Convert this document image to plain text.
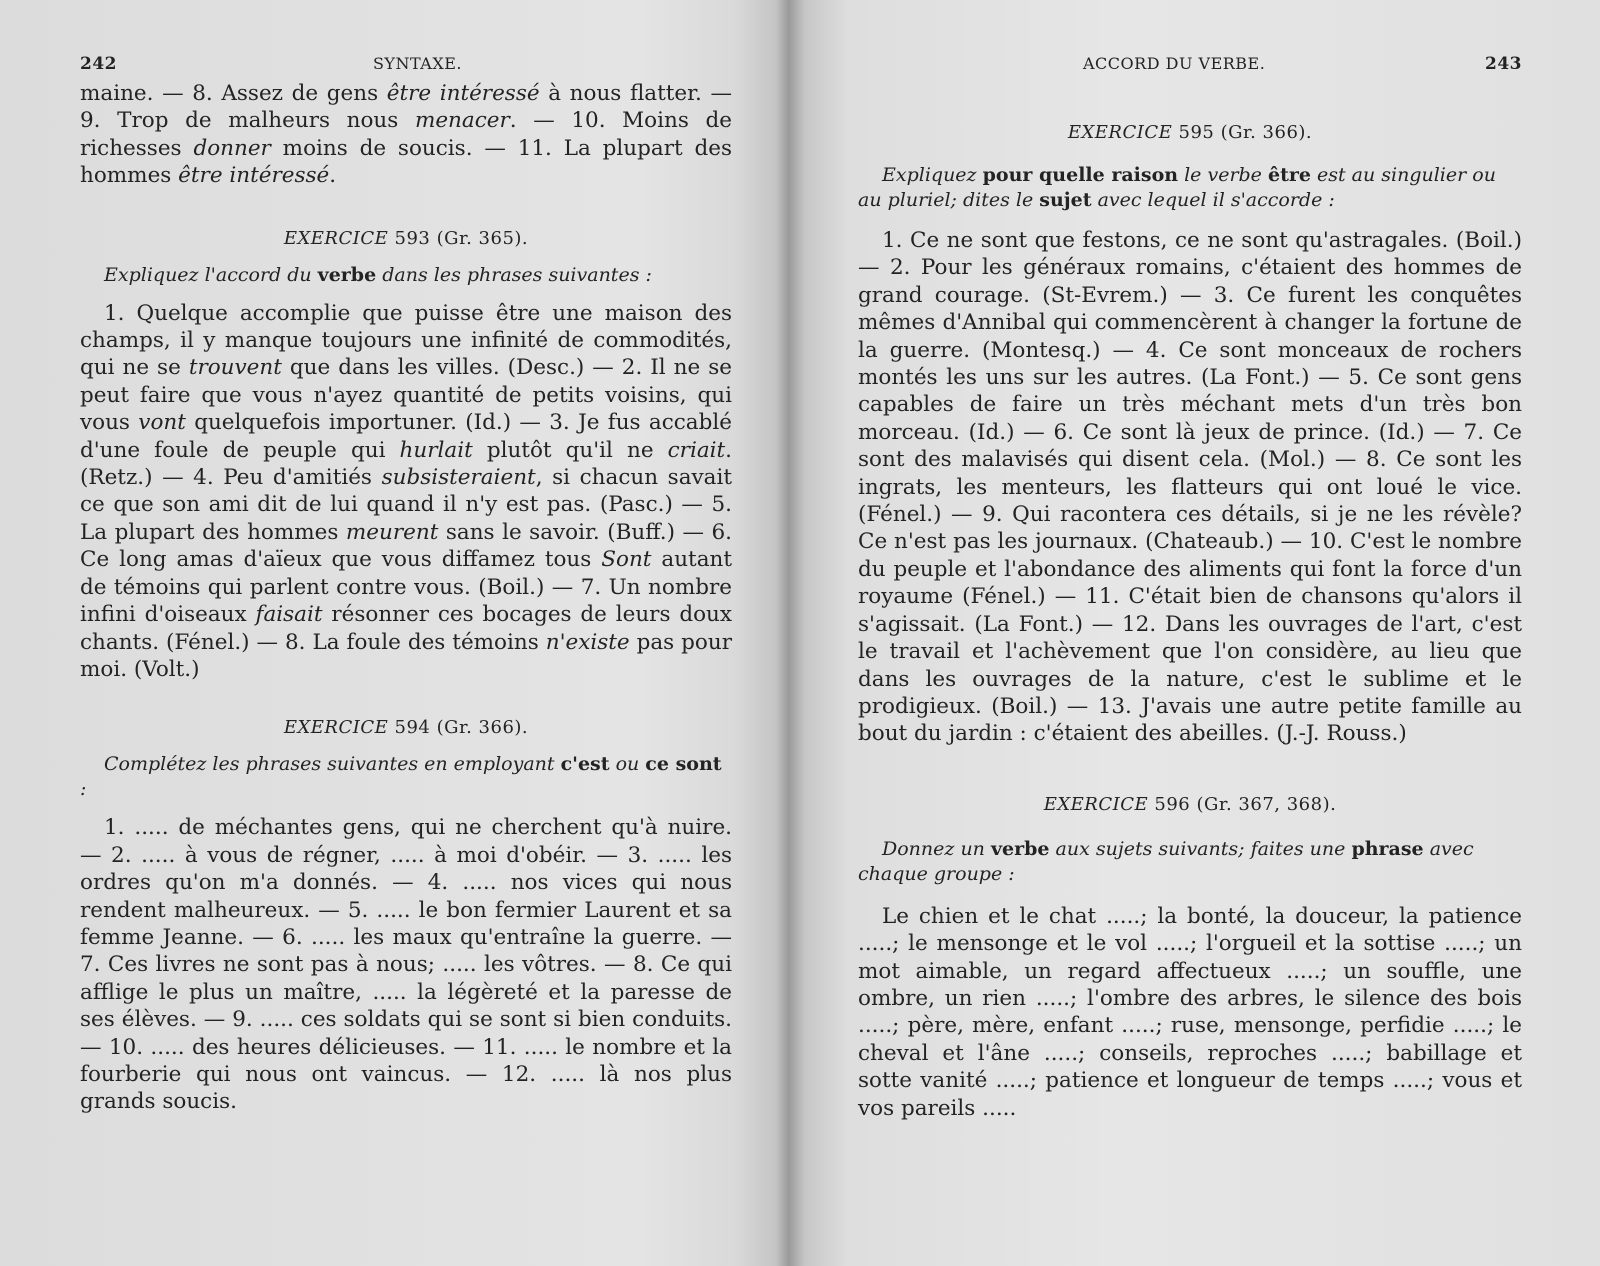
242	SYNTAXE.

maine. — 8. Assez de gens être intéressé à nous flatter. — 9. Trop de malheurs nous menacer. — 10. Moins de richesses donner moins de soucis. — 11. La plupart des hommes être intéressé.

EXERCICE 593 (Gr. 365).

Expliquez l'accord du verbe dans les phrases suivantes :

1. Quelque accomplie que puisse être une maison des champs, il y manque toujours une infinité de commodités, qui ne se trouvent que dans les villes. (Desc.) — 2. Il ne se peut faire que vous n'ayez quantité de petits voisins, qui vous vont quelquefois importuner. (Id.) — 3. Je fus accablé d'une foule de peuple qui hurlait plutôt qu'il ne criait. (Retz.) — 4. Peu d'amitiés subsisteraient, si chacun savait ce que son ami dit de lui quand il n'y est pas. (Pasc.) — 5. La plupart des hommes meurent sans le savoir. (Buff.) — 6. Ce long amas d'aïeux que vous diffamez tous Sont autant de témoins qui parlent contre vous. (Boil.) — 7. Un nombre infini d'oiseaux faisait résonner ces bocages de leurs doux chants. (Fénel.) — 8. La foule des témoins n'existe pas pour moi. (Volt.)

EXERCICE 594 (Gr. 366).

Complétez les phrases suivantes en employant c'est ou ce sont :

1. ..... de méchantes gens, qui ne cherchent qu'à nuire. — 2. ..... à vous de régner, ..... à moi d'obéir. — 3. ..... les ordres qu'on m'a donnés. — 4. ..... nos vices qui nous rendent malheureux. — 5. ..... le bon fermier Laurent et sa femme Jeanne. — 6. ..... les maux qu'entraîne la guerre. — 7. Ces livres ne sont pas à nous; ..... les vôtres. — 8. Ce qui afflige le plus un maître, ..... la légèreté et la paresse de ses élèves. — 9. ..... ces soldats qui se sont si bien conduits. — 10. ..... des heures délicieuses. — 11. ..... le nombre et la fourberie qui nous ont vaincus. — 12. ..... là nos plus grands soucis.

ACCORD DU VERBE.	243

EXERCICE 595 (Gr. 366).

Expliquez pour quelle raison le verbe être est au singulier ou au pluriel; dites le sujet avec lequel il s'accorde :

1. Ce ne sont que festons, ce ne sont qu'astragales. (Boil.) — 2. Pour les généraux romains, c'étaient des hommes de grand courage. (St-Evrem.) — 3. Ce furent les conquêtes mêmes d'Annibal qui commencèrent à changer la fortune de la guerre. (Montesq.) — 4. Ce sont monceaux de rochers montés les uns sur les autres. (La Font.) — 5. Ce sont gens capables de faire un très méchant mets d'un très bon morceau. (Id.) — 6. Ce sont là jeux de prince. (Id.) — 7. Ce sont des malavisés qui disent cela. (Mol.) — 8. Ce sont les ingrats, les menteurs, les flatteurs qui ont loué le vice. (Fénel.) — 9. Qui racontera ces détails, si je ne les révèle? Ce n'est pas les journaux. (Chateaub.) — 10. C'est le nombre du peuple et l'abondance des aliments qui font la force d'un royaume (Fénel.) — 11. C'était bien de chansons qu'alors il s'agissait. (La Font.) — 12. Dans les ouvrages de l'art, c'est le travail et l'achèvement que l'on considère, au lieu que dans les ouvrages de la nature, c'est le sublime et le prodigieux. (Boil.) — 13. J'avais une autre petite famille au bout du jardin : c'étaient des abeilles. (J.-J. Rouss.)

EXERCICE 596 (Gr. 367, 368).

Donnez un verbe aux sujets suivants; faites une phrase avec chaque groupe :

Le chien et le chat .....; la bonté, la douceur, la patience .....; le mensonge et le vol .....; l'orgueil et la sottise .....; un mot aimable, un regard affectueux .....; un souffle, une ombre, un rien .....; l'ombre des arbres, le silence des bois .....; père, mère, enfant .....; ruse, mensonge, perfidie .....; le cheval et l'âne .....; conseils, reproches .....; babillage et sotte vanité .....; patience et longueur de temps .....; vous et vos pareils .....
